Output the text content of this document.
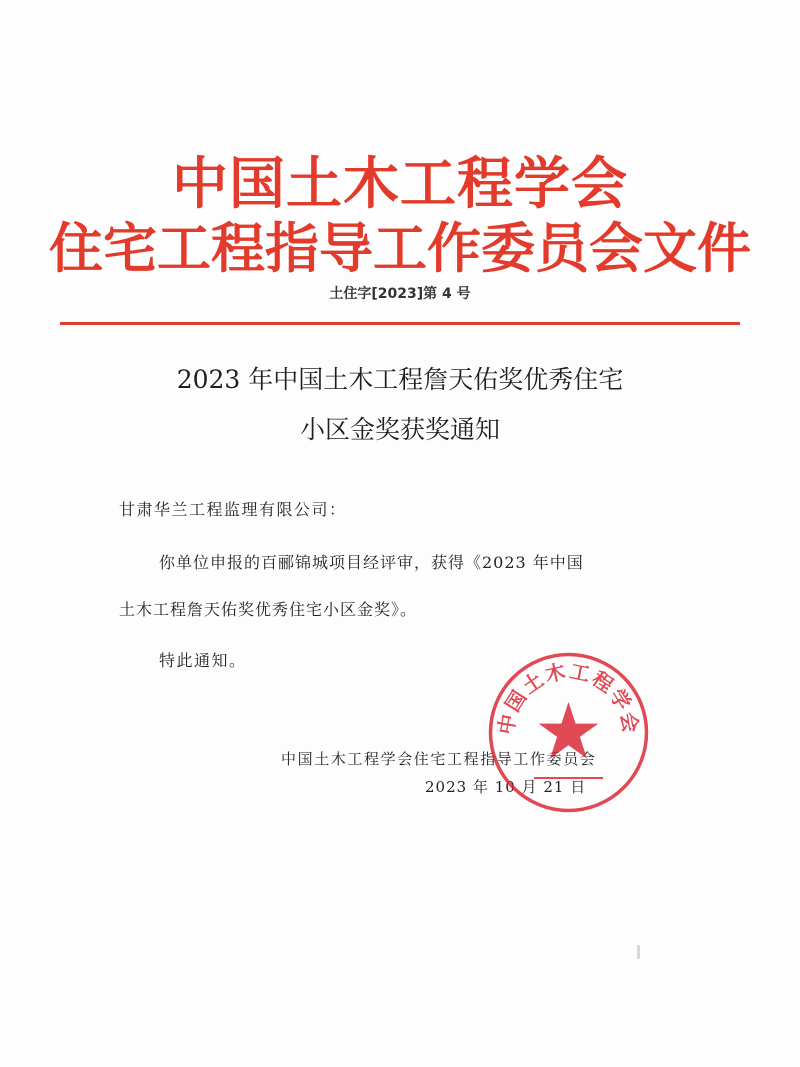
中国土木工程学会
住宅工程指导工作委员会文件
土住字[2023]第 4 号
2023 年中国土木工程詹天佑奖优秀住宅
小区金奖获奖通知
甘肃华兰工程监理有限公司：
你单位申报的百郦锦城项目经评审，获得《2023 年中国
土木工程詹天佑奖优秀住宅小区金奖》。
特此通知。
中国土木工程学会住宅工程指导工作委员会
2023 年 10 月 21 日
中国土木工程学会
